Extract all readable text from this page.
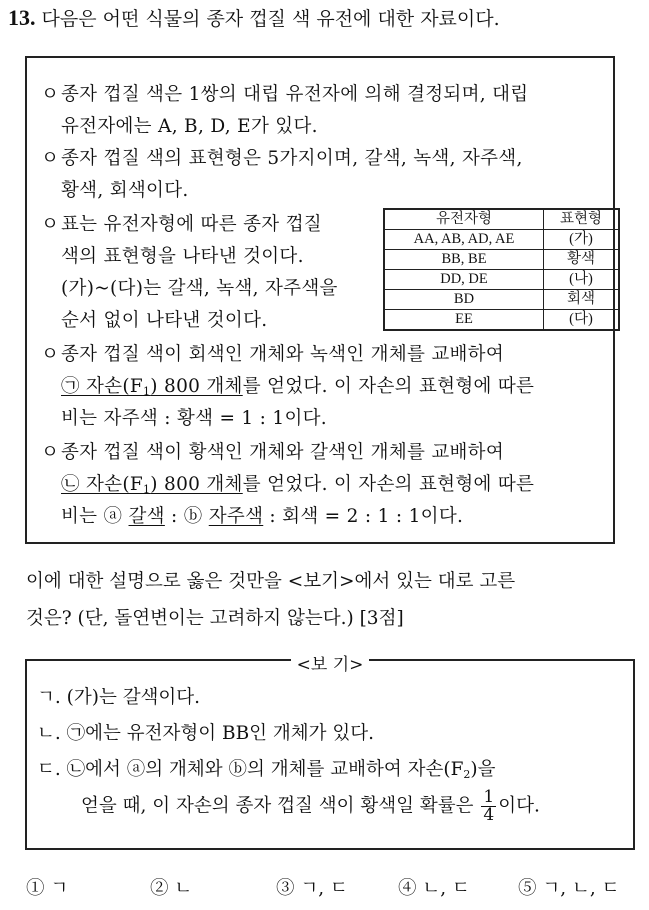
13. 다음은 어떤 식물의 종자 껍질 색 유전에 대한 자료이다.
ㅇ종자 껍질 색은 1쌍의 대립 유전자에 의해 결정되며, 대립
유전자에는 A, B, D, E가 있다.
ㅇ종자 껍질 색의 표현형은 5가지이며, 갈색, 녹색, 자주색,
황색, 회색이다.
ㅇ표는 유전자형에 따른 종자 껍질
색의 표현형을 나타낸 것이다.
(가)~(다)는 갈색, 녹색, 자주색을
순서 없이 나타낸 것이다.
ㅇ종자 껍질 색이 회색인 개체와 녹색인 개체를 교배하여
㉠ 자손$(F_1)$ 800 개체를 얻었다. 이 자손의 표현형에 따른
비는 자주색 : 황색 = 1 : 1이다.
ㅇ종자 껍질 색이 황색인 개체와 갈색인 개체를 교배하여
㉡ 자손$(F_1)$ 800 개체를 얻었다. 이 자손의 표현형에 따른
비는 ⓐ 갈색 : ⓑ 자주색 : 회색 = 2 : 1 : 1이다.
유전자형	표현형
AA, AB, AD, AE	(가)
BB, BE	황색
DD, DE	(나)
BD	회색
EE	(다)
이에 대한 설명으로 옳은 것만을 <보기>에서 있는 대로 고른
것은? (단, 돌연변이는 고려하지 않는다.) [3점]
<보 기>
ㄱ. (가)는 갈색이다.
ㄴ. ㉠에는 유전자형이 BB인 개체가 있다.
ㄷ. ㉡에서 ⓐ의 개체와 ⓑ의 개체를 교배하여 자손$(F_2)$을
얻을 때, 이 자손의 종자 껍질 색이 황색일 확률은 $\frac{1}{4}$ 이다.
① ㄱ	② ㄴ	③ ㄱ, ㄷ	④ ㄴ, ㄷ	⑤ ㄱ, ㄴ, ㄷ
